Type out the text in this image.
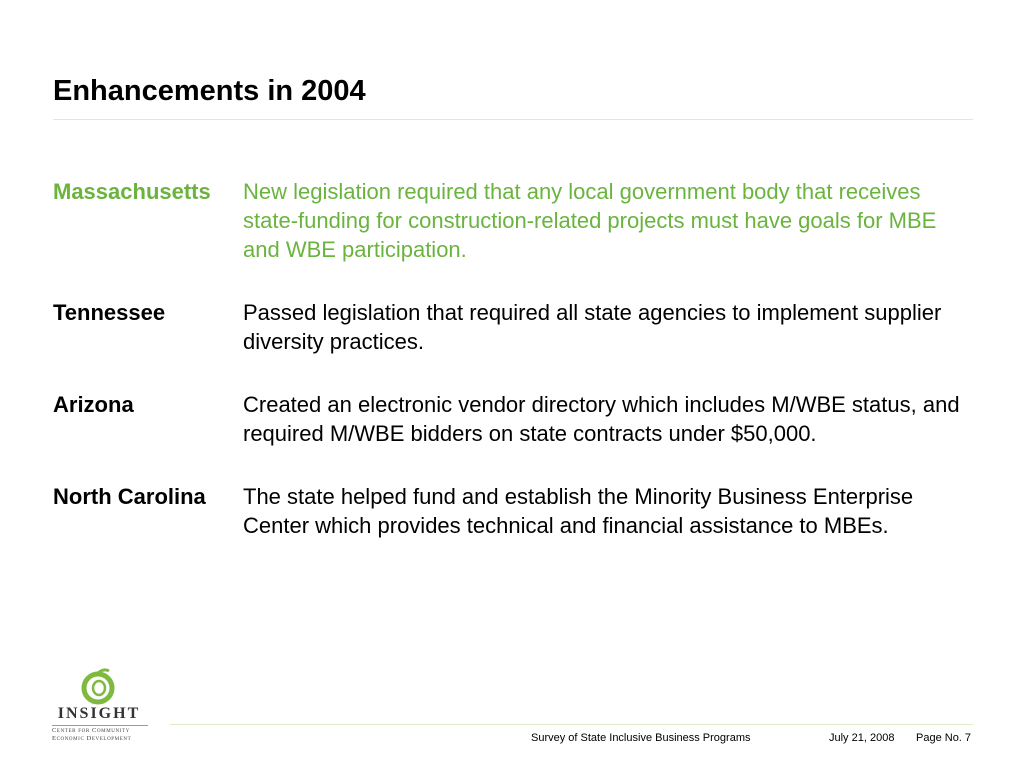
Enhancements in 2004
Massachusetts	New legislation required that any local government body that receives state-funding for construction-related projects must have goals for MBE and WBE participation.
Tennessee	Passed legislation that required all state agencies to implement supplier diversity practices.
Arizona	Created an electronic vendor directory which includes M/WBE status, and required M/WBE bidders on state contracts under $50,000.
North Carolina	The state helped fund and establish the Minority Business Enterprise Center which provides technical and financial assistance to MBEs.
INSIGHT
Center for Community
Economic Development	Survey of State Inclusive Business Programs	July 21, 2008 Page No. 7
